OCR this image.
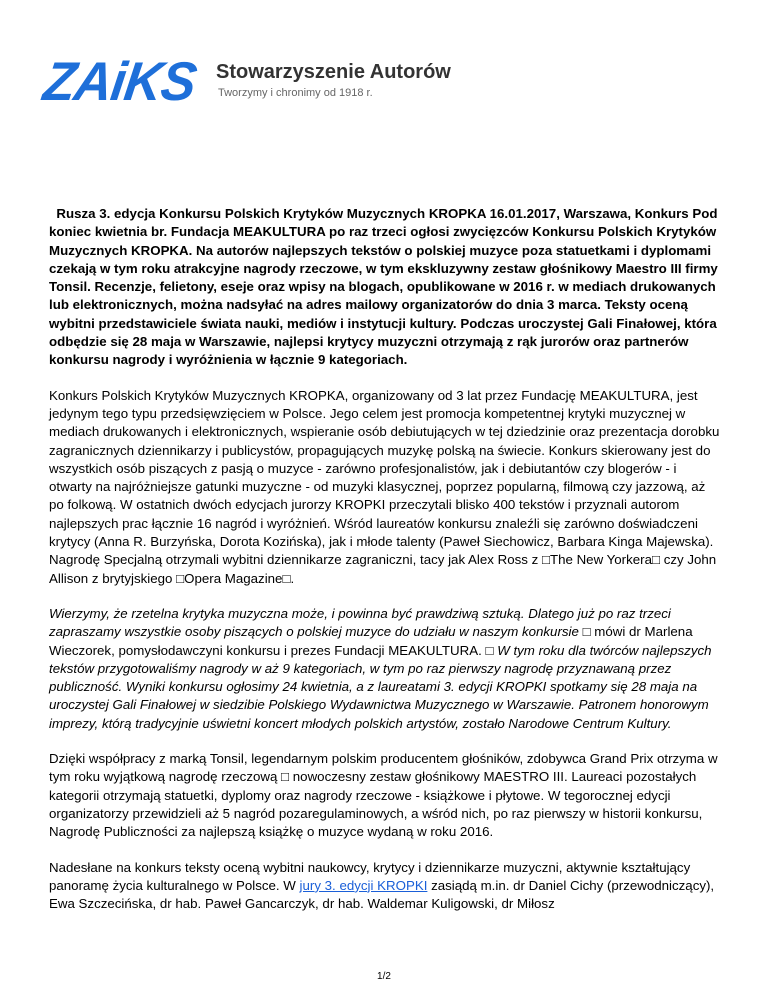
ZAiKS Stowarzyszenie Autorów
Tworzymy i chronimy od 1918 r.

Rusza 3. edycja Konkursu Polskich Krytyków Muzycznych KROPKA 16.01.2017, Warszawa, Konkurs Pod koniec kwietnia br. Fundacja MEAKULTURA po raz trzeci ogłosi zwycięzców Konkursu Polskich Krytyków Muzycznych KROPKA. Na autorów najlepszych tekstów o polskiej muzyce poza statuetkami i dyplomami czekają w tym roku atrakcyjne nagrody rzeczowe, w tym ekskluzywny zestaw głośnikowy Maestro III firmy Tonsil. Recenzje, felietony, eseje oraz wpisy na blogach, opublikowane w 2016 r. w mediach drukowanych lub elektronicznych, można nadsyłać na adres mailowy organizatorów do dnia 3 marca. Teksty oceną wybitni przedstawiciele świata nauki, mediów i instytucji kultury. Podczas uroczystej Gali Finałowej, która odbędzie się 28 maja w Warszawie, najlepsi krytycy muzyczni otrzymają z rąk jurorów oraz partnerów konkursu nagrody i wyróżnienia w łącznie 9 kategoriach.

Konkurs Polskich Krytyków Muzycznych KROPKA, organizowany od 3 lat przez Fundację MEAKULTURA, jest jedynym tego typu przedsięwzięciem w Polsce. Jego celem jest promocja kompetentnej krytyki muzycznej w mediach drukowanych i elektronicznych, wspieranie osób debiutujących w tej dziedzinie oraz prezentacja dorobku zagranicznych dziennikarzy i publicystów, propagujących muzykę polską na świecie. Konkurs skierowany jest do wszystkich osób piszących z pasją o muzyce - zarówno profesjonalistów, jak i debiutantów czy blogerów - i otwarty na najróżniejsze gatunki muzyczne - od muzyki klasycznej, poprzez popularną, filmową czy jazzową, aż po folkową. W ostatnich dwóch edycjach jurorzy KROPKI przeczytali blisko 400 tekstów i przyznali autorom najlepszych prac łącznie 16 nagród i wyróżnień. Wśród laureatów konkursu znaleźli się zarówno doświadczeni krytycy (Anna R. Burzyńska, Dorota Kozińska), jak i młode talenty (Paweł Siechowicz, Barbara Kinga Majewska). Nagrodę Specjalną otrzymali wybitni dziennikarze zagraniczni, tacy jak Alex Ross z □The New Yorkera□ czy John Allison z brytyjskiego □Opera Magazine□.

Wierzymy, że rzetelna krytyka muzyczna może, i powinna być prawdziwą sztuką. Dlatego już po raz trzeci zapraszamy wszystkie osoby piszących o polskiej muzyce do udziału w naszym konkursie □ mówi dr Marlena Wieczorek, pomysłodawczyni konkursu i prezes Fundacji MEAKULTURA. □ W tym roku dla twórców najlepszych tekstów przygotowaliśmy nagrody w aż 9 kategoriach, w tym po raz pierwszy nagrodę przyznawaną przez publiczność. Wyniki konkursu ogłosimy 24 kwietnia, a z laureatami 3. edycji KROPKI spotkamy się 28 maja na uroczystej Gali Finałowej w siedzibie Polskiego Wydawnictwa Muzycznego w Warszawie. Patronem honorowym imprezy, którą tradycyjnie uświetni koncert młodych polskich artystów, zostało Narodowe Centrum Kultury.

Dzięki współpracy z marką Tonsil, legendarnym polskim producentem głośników, zdobywca Grand Prix otrzyma w tym roku wyjątkową nagrodę rzeczową □ nowoczesny zestaw głośnikowy MAESTRO III. Laureaci pozostałych kategorii otrzymają statuetki, dyplomy oraz nagrody rzeczowe - książkowe i płytowe. W tegorocznej edycji organizatorzy przewidzieli aż 5 nagród pozaregulaminowych, a wśród nich, po raz pierwszy w historii konkursu, Nagrodę Publiczności za najlepszą książkę o muzyce wydaną w roku 2016.

Nadesłane na konkurs teksty oceną wybitni naukowcy, krytycy i dziennikarze muzyczni, aktywnie kształtujący panoramę życia kulturalnego w Polsce. W jury 3. edycji KROPKI zasiądą m.in. dr Daniel Cichy (przewodniczący), Ewa Szczecińska, dr hab. Paweł Gancarczyk, dr hab. Waldemar Kuligowski, dr Miłosz

1/2
